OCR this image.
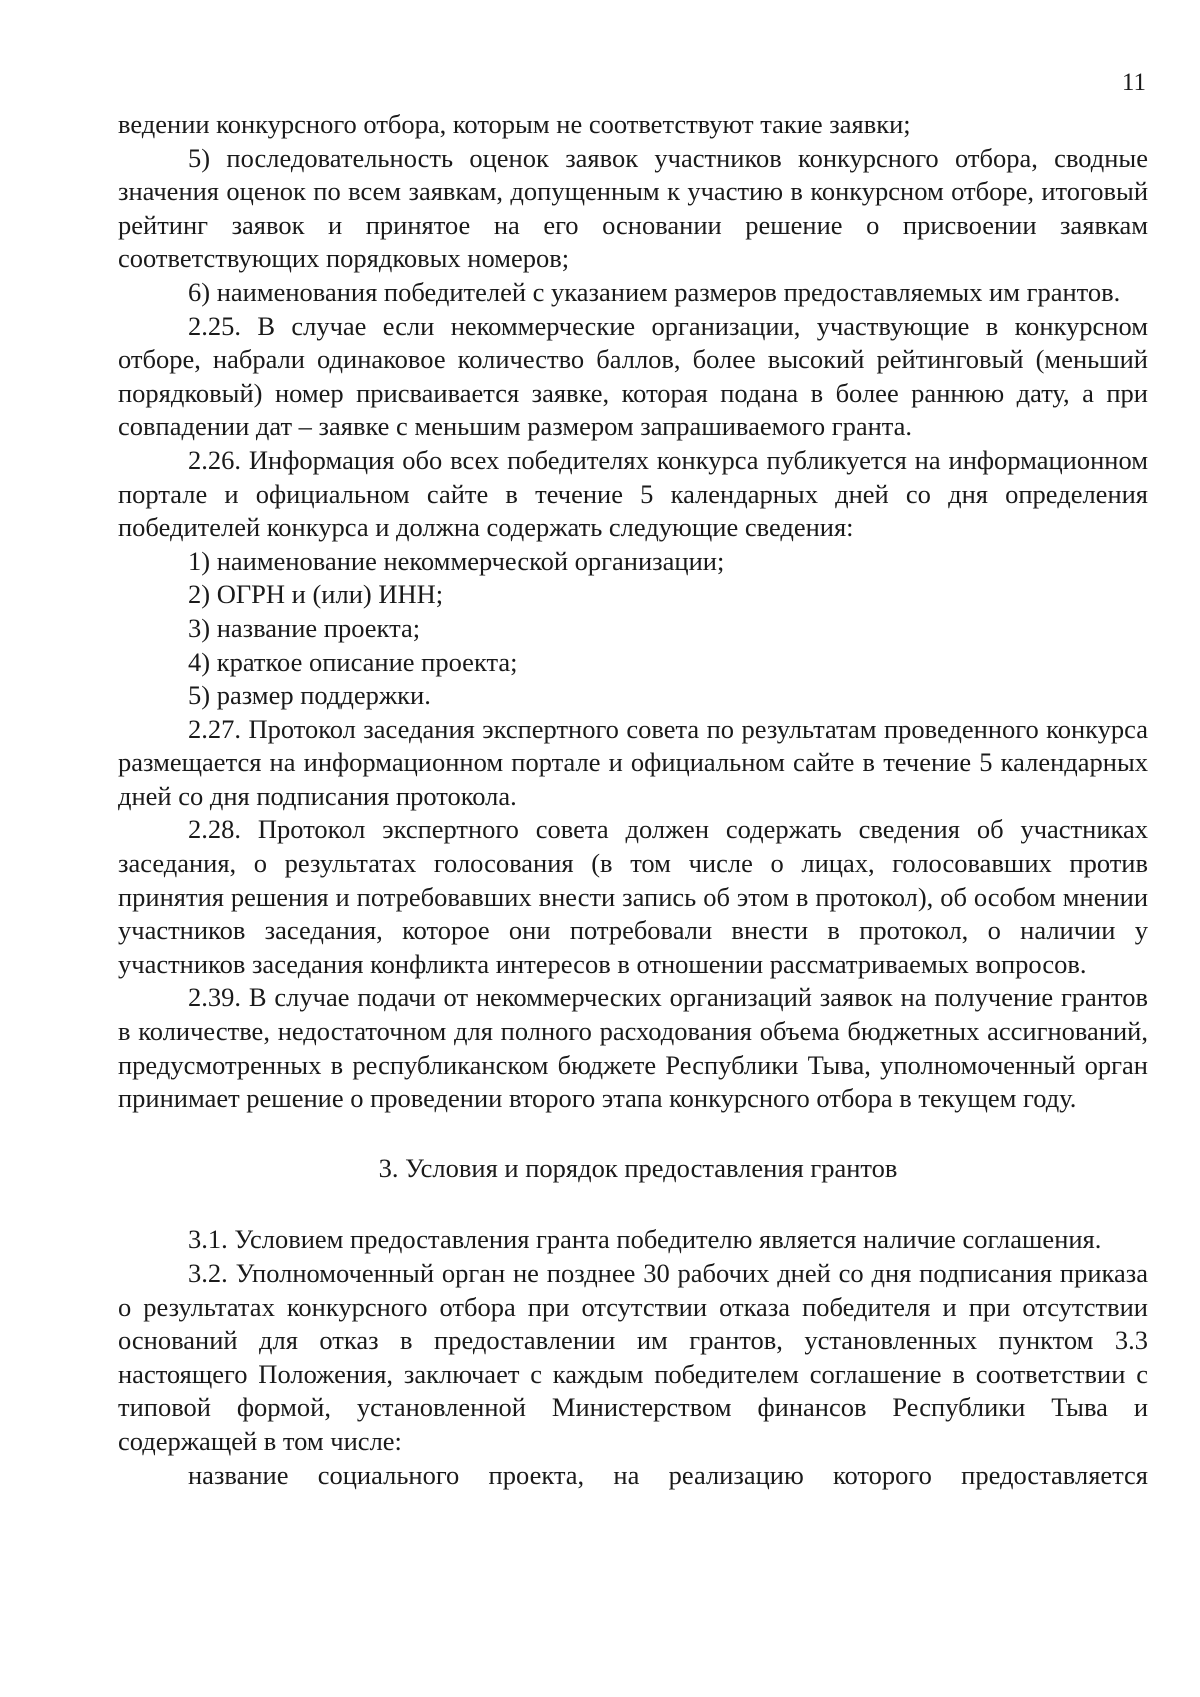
11

ведении конкурсного отбора, которым не соответствуют такие заявки;

5) последовательность оценок заявок участников конкурсного отбора, сводные значения оценок по всем заявкам, допущенным к участию в конкурсном отборе, итоговый рейтинг заявок и принятое на его основании решение о присвоении заявкам соответствующих порядковых номеров;

6) наименования победителей с указанием размеров предоставляемых им грантов.

2.25. В случае если некоммерческие организации, участвующие в конкурсном отборе, набрали одинаковое количество баллов, более высокий рейтинговый (меньший порядковый) номер присваивается заявке, которая подана в более раннюю дату, а при совпадении дат – заявке с меньшим размером запрашиваемого гранта.

2.26. Информация обо всех победителях конкурса публикуется на информационном портале и официальном сайте в течение 5 календарных дней со дня определения победителей конкурса и должна содержать следующие сведения:

1) наименование некоммерческой организации;

2) ОГРН и (или) ИНН;

3) название проекта;

4) краткое описание проекта;

5) размер поддержки.

2.27. Протокол заседания экспертного совета по результатам проведенного конкурса размещается на информационном портале и официальном сайте в течение 5 календарных дней со дня подписания протокола.

2.28. Протокол экспертного совета должен содержать сведения об участниках заседания, о результатах голосования (в том числе о лицах, голосовавших против принятия решения и потребовавших внести запись об этом в протокол), об особом мнении участников заседания, которое они потребовали внести в протокол, о наличии у участников заседания конфликта интересов в отношении рассматриваемых вопросов.

2.39. В случае подачи от некоммерческих организаций заявок на получение грантов в количестве, недостаточном для полного расходования объема бюджетных ассигнований, предусмотренных в республиканском бюджете Республики Тыва, уполномоченный орган принимает решение о проведении второго этапа конкурсного отбора в текущем году.

3. Условия и порядок предоставления грантов

3.1. Условием предоставления гранта победителю является наличие соглашения.

3.2. Уполномоченный орган не позднее 30 рабочих дней со дня подписания приказа о результатах конкурсного отбора при отсутствии отказа победителя и при отсутствии оснований для отказ в предоставлении им грантов, установленных пунктом 3.3 настоящего Положения, заключает с каждым победителем соглашение в соответствии с типовой формой, установленной Министерством финансов Республики Тыва и содержащей в том числе:

название социального проекта, на реализацию которого предоставляется
